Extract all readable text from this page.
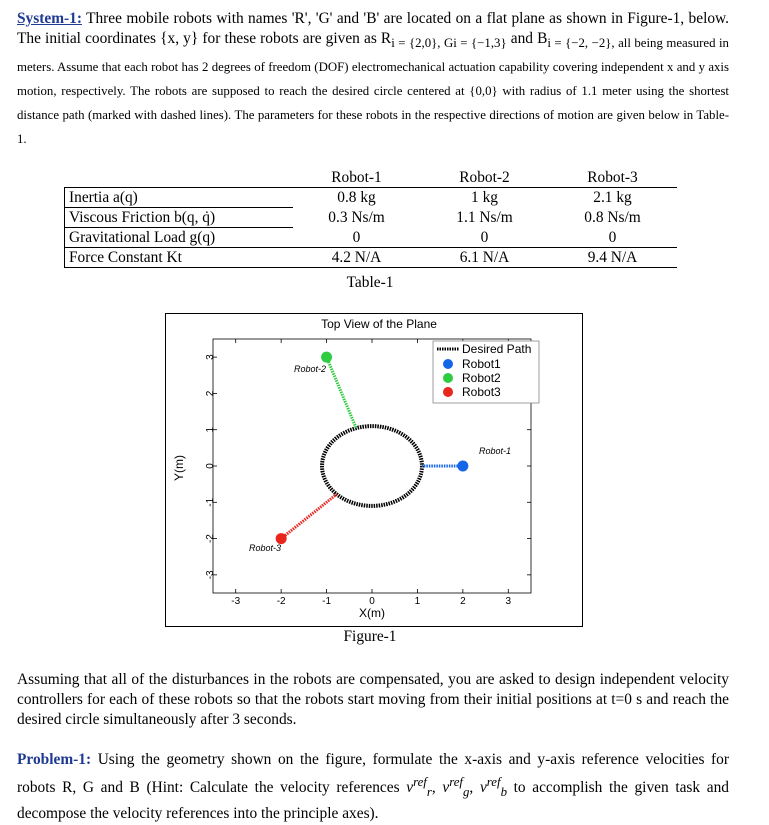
System-1: Three mobile robots with names 'R', 'G' and 'B' are located on a flat plane as shown in Figure-1, below. The initial coordinates {x, y} for these robots are given as $R_{i = \{2,0\}, Gi = \{-1,3\}}$ and Bi = {−2, −2}, all being measured in meters. Assume that each robot has 2 degrees of freedom (DOF) electromechanical actuation capability covering independent x and y axis motion, respectively. The robots are supposed to reach the desired circle centered at {0,0} with radius of 1.1 meter using the shortest distance path (marked with dashed lines). The parameters for these robots in the respective directions of motion are given below in Table-1.
	Robot-1	Robot-2	Robot-3
Inertia a(q)	0.8 kg	1 kg	2.1 kg
Viscous Friction b(q, q̇)	0.3 Ns/m	1.1 Ns/m	0.8 Ns/m
Gravitational Load g(q)	0	0	0
Force Constant Kt	4.2 N/A	6.1 N/A	9.4 N/A
Table-1
Top View of the Plane
-3	-2	-1	0	1	2	3
3
2
1
0
-1
-2
-3
X(m)
Y(m)
Desired Path
Robot1
Robot2
Robot3
Robot-1
Robot-2
Robot-3
Figure-1
Assuming that all of the disturbances in the robots are compensated, you are asked to design independent velocity controllers for each of these robots so that the robots start moving from their initial positions at t=0 s and reach the desired circle simultaneously after 3 seconds.
Problem-1: Using the geometry shown on the figure, formulate the x-axis and y-axis reference velocities for robots R, G and B (Hint: Calculate the velocity references $v^{ref}_r$, $v^{ref}_g$, $v^{ref}_b$ to accomplish the given task and decompose the velocity references into the principle axes).
